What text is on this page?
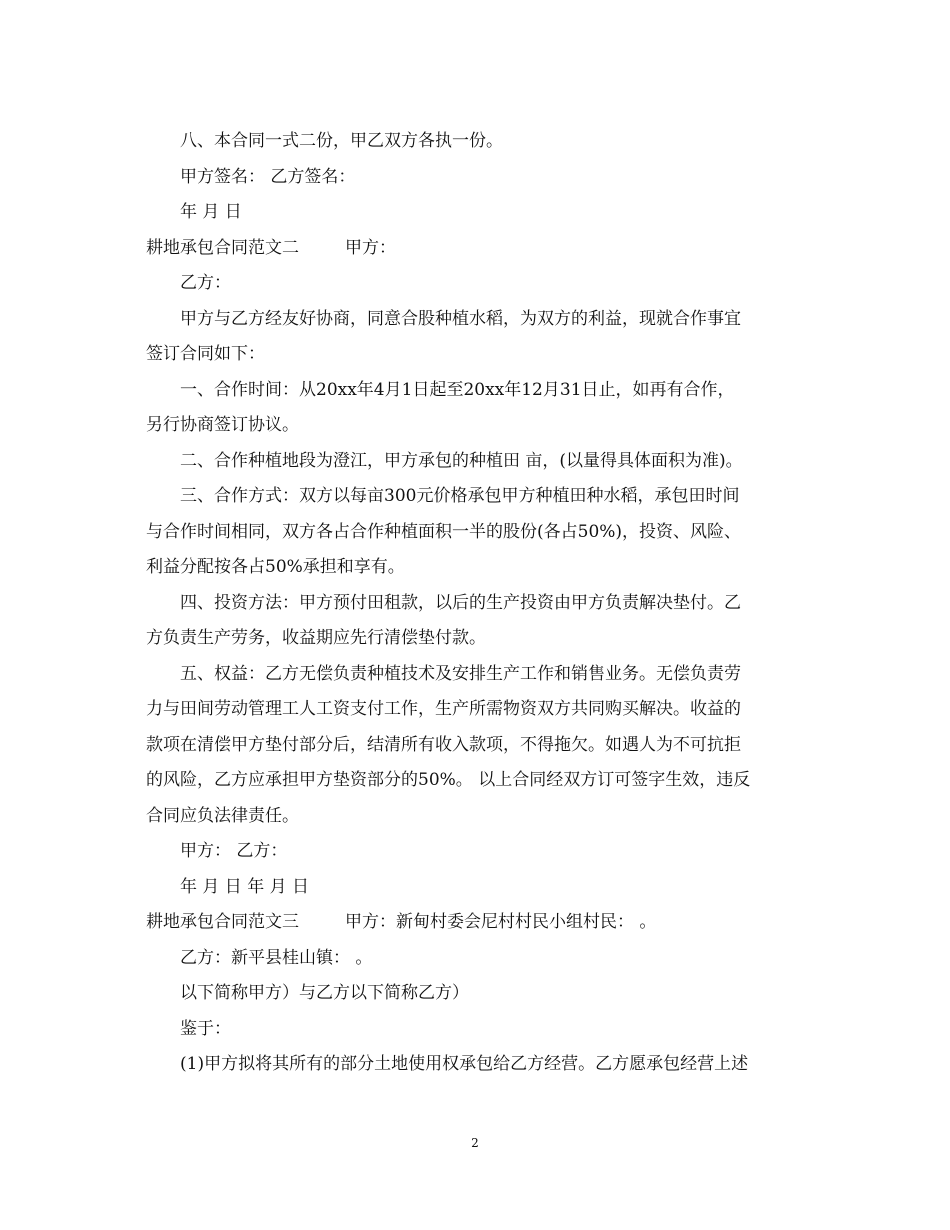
八、本合同一式二份，甲乙双方各执一份。
甲方签名： 乙方签名：
年 月 日
耕地承包合同范文二	甲方：
乙方：
甲方与乙方经友好协商，同意合股种植水稻，为双方的利益，现就合作事宜
签订合同如下：
一、合作时间：从20xx年4月1日起至20xx年12月31日止，如再有合作，
另行协商签订协议。
二、合作种植地段为澄江，甲方承包的种植田 亩，(以量得具体面积为准)。
三、合作方式：双方以每亩300元价格承包甲方种植田种水稻，承包田时间
与合作时间相同，双方各占合作种植面积一半的股份(各占50%)，投资、风险、
利益分配按各占50%承担和享有。
四、投资方法：甲方预付田租款，以后的生产投资由甲方负责解决垫付。乙
方负责生产劳务，收益期应先行清偿垫付款。
五、权益：乙方无偿负责种植技术及安排生产工作和销售业务。无偿负责劳
力与田间劳动管理工人工资支付工作，生产所需物资双方共同购买解决。收益的
款项在清偿甲方垫付部分后，结清所有收入款项，不得拖欠。如遇人为不可抗拒
的风险，乙方应承担甲方垫资部分的50%。 以上合同经双方订可签字生效，违反
合同应负法律责任。
甲方： 乙方：
年 月 日 年 月 日
耕地承包合同范文三	甲方：新甸村委会尼村村民小组村民： 。
乙方：新平县桂山镇： 。
以下简称甲方）与乙方以下简称乙方）
鉴于：
(1)甲方拟将其所有的部分土地使用权承包给乙方经营。乙方愿承包经营上述
2
